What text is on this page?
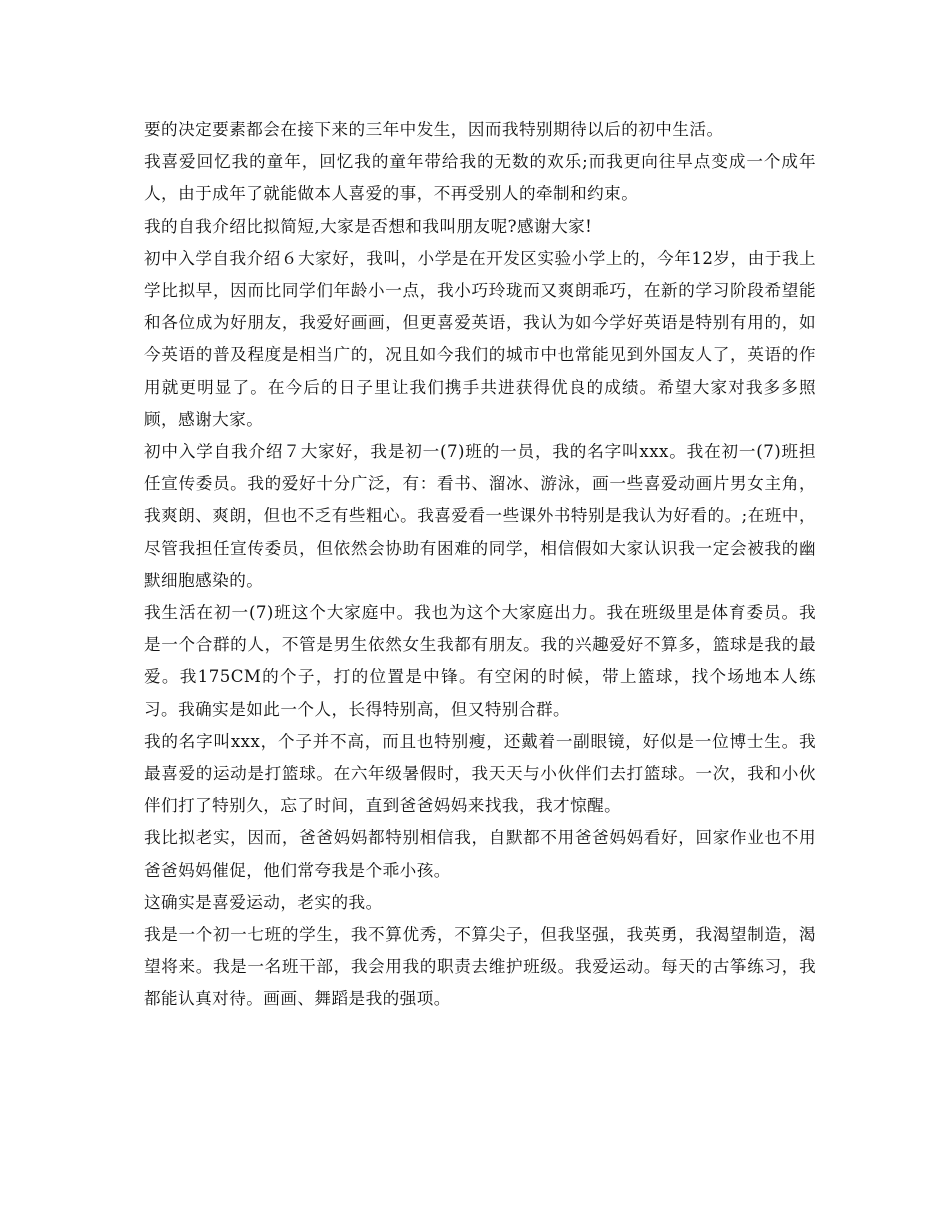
要的决定要素都会在接下来的三年中发生，因而我特别期待以后的初中生活。

我喜爱回忆我的童年，回忆我的童年带给我的无数的欢乐;而我更向往早点变成一个成年人，由于成年了就能做本人喜爱的事，不再受别人的牵制和约束。

我的自我介绍比拟简短,大家是否想和我叫朋友呢?感谢大家!

初中入学自我介绍６大家好，我叫，小学是在开发区实验小学上的，今年12岁，由于我上学比拟早，因而比同学们年龄小一点，我小巧玲珑而又爽朗乖巧，在新的学习阶段希望能和各位成为好朋友，我爱好画画，但更喜爱英语，我认为如今学好英语是特别有用的，如今英语的普及程度是相当广的，况且如今我们的城市中也常能见到外国友人了，英语的作用就更明显了。在今后的日子里让我们携手共进获得优良的成绩。希望大家对我多多照顾，感谢大家。

初中入学自我介绍７大家好，我是初一(7)班的一员，我的名字叫xxx。我在初一(7)班担任宣传委员。我的爱好十分广泛，有：看书、溜冰、游泳，画一些喜爱动画片男女主角，我爽朗、爽朗，但也不乏有些粗心。我喜爱看一些课外书特别是我认为好看的。;在班中，尽管我担任宣传委员，但依然会协助有困难的同学，相信假如大家认识我一定会被我的幽默细胞感染的。

我生活在初一(7)班这个大家庭中。我也为这个大家庭出力。我在班级里是体育委员。我是一个合群的人，不管是男生依然女生我都有朋友。我的兴趣爱好不算多，篮球是我的最爱。我175CM的个子，打的位置是中锋。有空闲的时候，带上篮球，找个场地本人练习。我确实是如此一个人，长得特别高，但又特别合群。

我的名字叫xxx，个子并不高，而且也特别瘦，还戴着一副眼镜，好似是一位博士生。我最喜爱的运动是打篮球。在六年级暑假时，我天天与小伙伴们去打篮球。一次，我和小伙伴们打了特别久，忘了时间，直到爸爸妈妈来找我，我才惊醒。

我比拟老实，因而，爸爸妈妈都特别相信我，自默都不用爸爸妈妈看好，回家作业也不用爸爸妈妈催促，他们常夸我是个乖小孩。

这确实是喜爱运动，老实的我。

我是一个初一七班的学生，我不算优秀，不算尖子，但我坚强，我英勇，我渴望制造，渴望将来。我是一名班干部，我会用我的职责去维护班级。我爱运动。每天的古筝练习，我都能认真对待。画画、舞蹈是我的强项。
